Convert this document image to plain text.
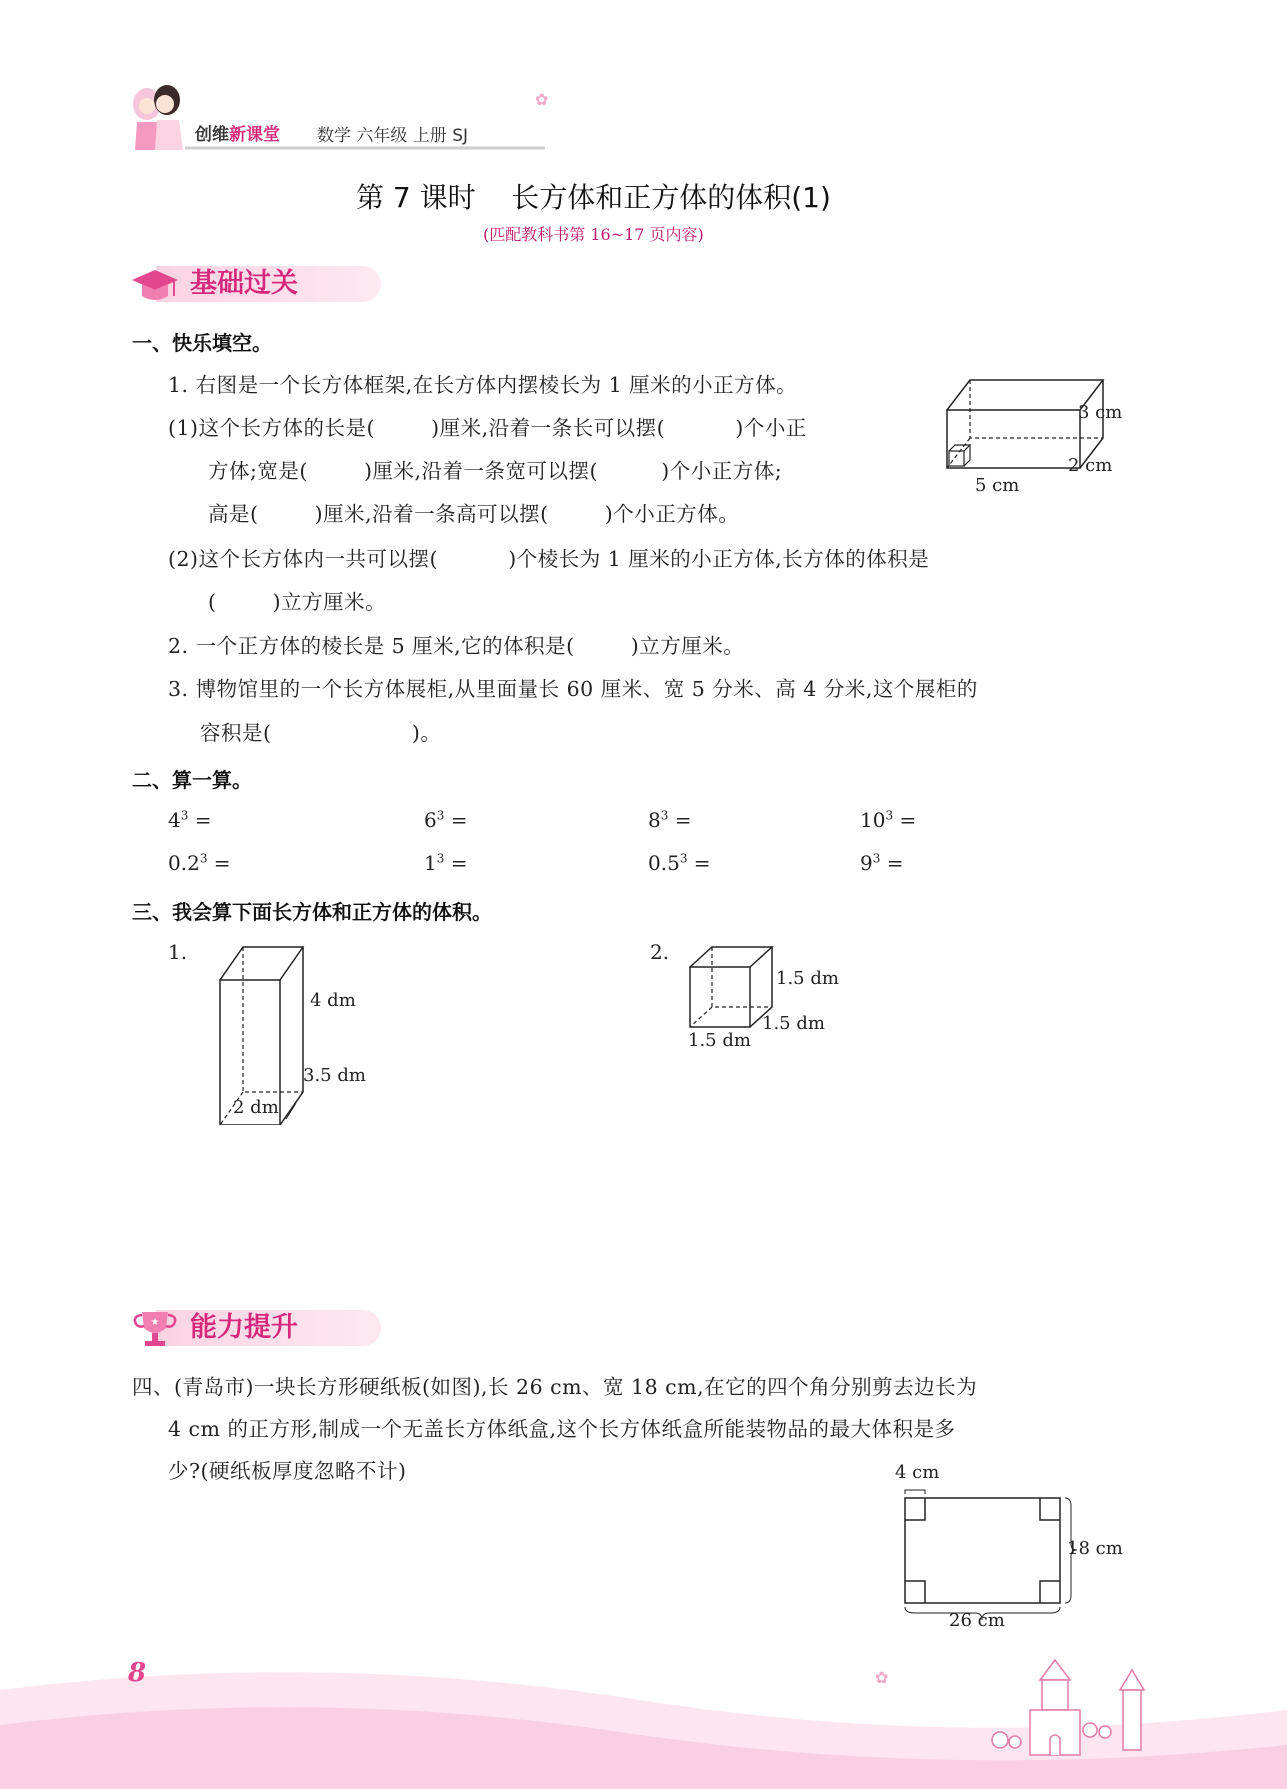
✿
创维新课堂 数学 六年级 上册 SJ
第 7 课时    长方体和正方体的体积(1)
(匹配教科书第 16~17 页内容)
基础过关
一、快乐填空。
1. 右图是一个长方体框架,在长方体内摆棱长为 1 厘米的小正方体。
(1)这个长方体的长是(        )厘米,沿着一条长可以摆(          )个小正
方体;宽是(        )厘米,沿着一条宽可以摆(         )个小正方体;
高是(        )厘米,沿着一条高可以摆(        )个小正方体。
(2)这个长方体内一共可以摆(          )个棱长为 1 厘米的小正方体,长方体的体积是
(        )立方厘米。
2. 一个正方体的棱长是 5 厘米,它的体积是(        )立方厘米。
3. 博物馆里的一个长方体展柜,从里面量长 60 厘米、宽 5 分米、高 4 分米,这个展柜的
容积是(                    )。
3 cm
2 cm
5 cm
二、算一算。
$4^3$ =	$6^3$ =	$8^3$ =	$10^3$ =
$0.2^3$ =	$1^3$ =	$0.5^3$ =	$9^3$ =
三、我会算下面长方体和正方体的体积。
1.
4 dm
3.5 dm
2 dm
2.
1.5 dm
1.5 dm
1.5 dm
★ 能力提升
四、(青岛市)一块长方形硬纸板(如图),长 26 cm、宽 18 cm,在它的四个角分别剪去边长为
4 cm 的正方形,制成一个无盖长方体纸盒,这个长方体纸盒所能装物品的最大体积是多
少?(硬纸板厚度忽略不计)	4 cm
18 cm
26 cm
✿
8
